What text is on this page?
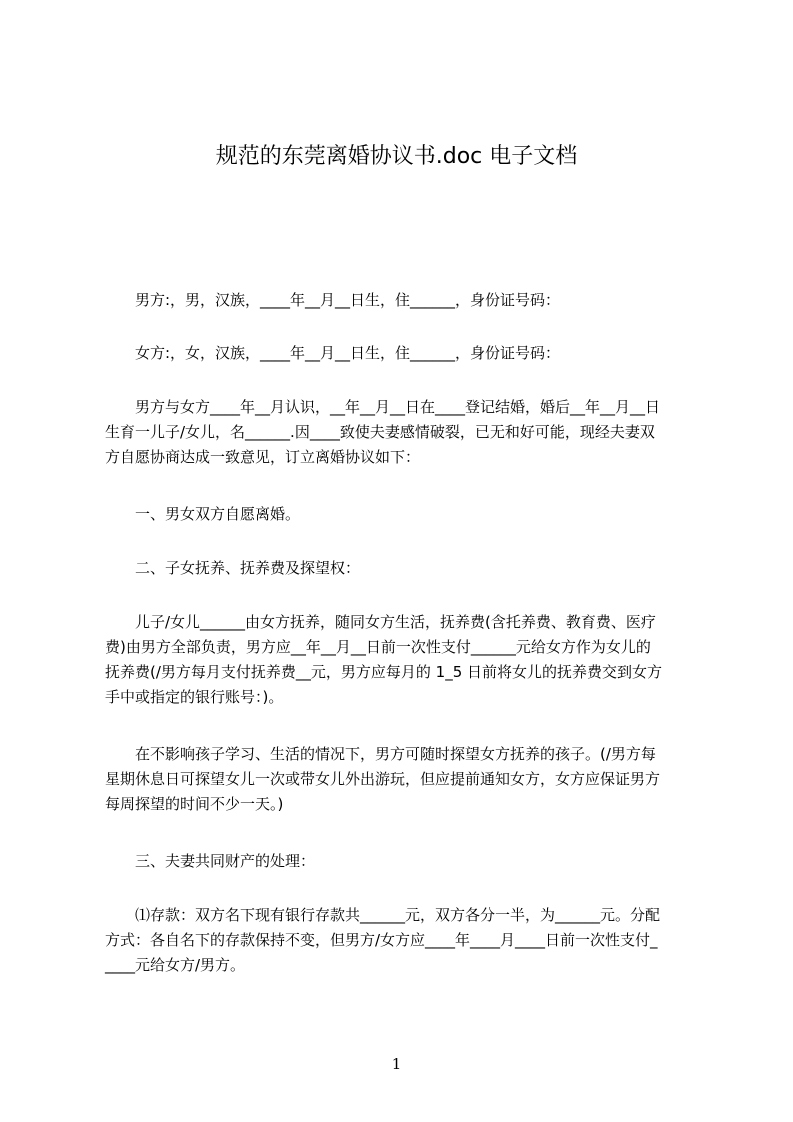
规范的东莞离婚协议书.doc 电子文档
　　男方:，男，汉族，____年__月__日生，住______，身份证号码：
　　女方:，女，汉族，____年__月__日生，住______，身份证号码：
　　男方与女方____年__月认识，__年__月__日在____登记结婚，婚后__年__月__日
生育一儿子/女儿，名______.因____致使夫妻感情破裂，已无和好可能，现经夫妻双
方自愿协商达成一致意见，订立离婚协议如下：
　　一、男女双方自愿离婚。
　　二、子女抚养、抚养费及探望权：
　　儿子/女儿______由女方抚养，随同女方生活，抚养费(含托养费、教育费、医疗
费)由男方全部负责，男方应__年__月__日前一次性支付______元给女方作为女儿的
抚养费(/男方每月支付抚养费__元，男方应每月的 1_5 日前将女儿的抚养费交到女方
手中或指定的银行账号：)。
　　在不影响孩子学习、生活的情况下，男方可随时探望女方抚养的孩子。(/男方每
星期休息日可探望女儿一次或带女儿外出游玩，但应提前通知女方，女方应保证男方
每周探望的时间不少一天。)
　　三、夫妻共同财产的处理：
　　⑴存款：双方名下现有银行存款共______元，双方各分一半，为______元。分配
方式：各自名下的存款保持不变，但男方/女方应____年____月____日前一次性支付_
____元给女方/男方。
1
